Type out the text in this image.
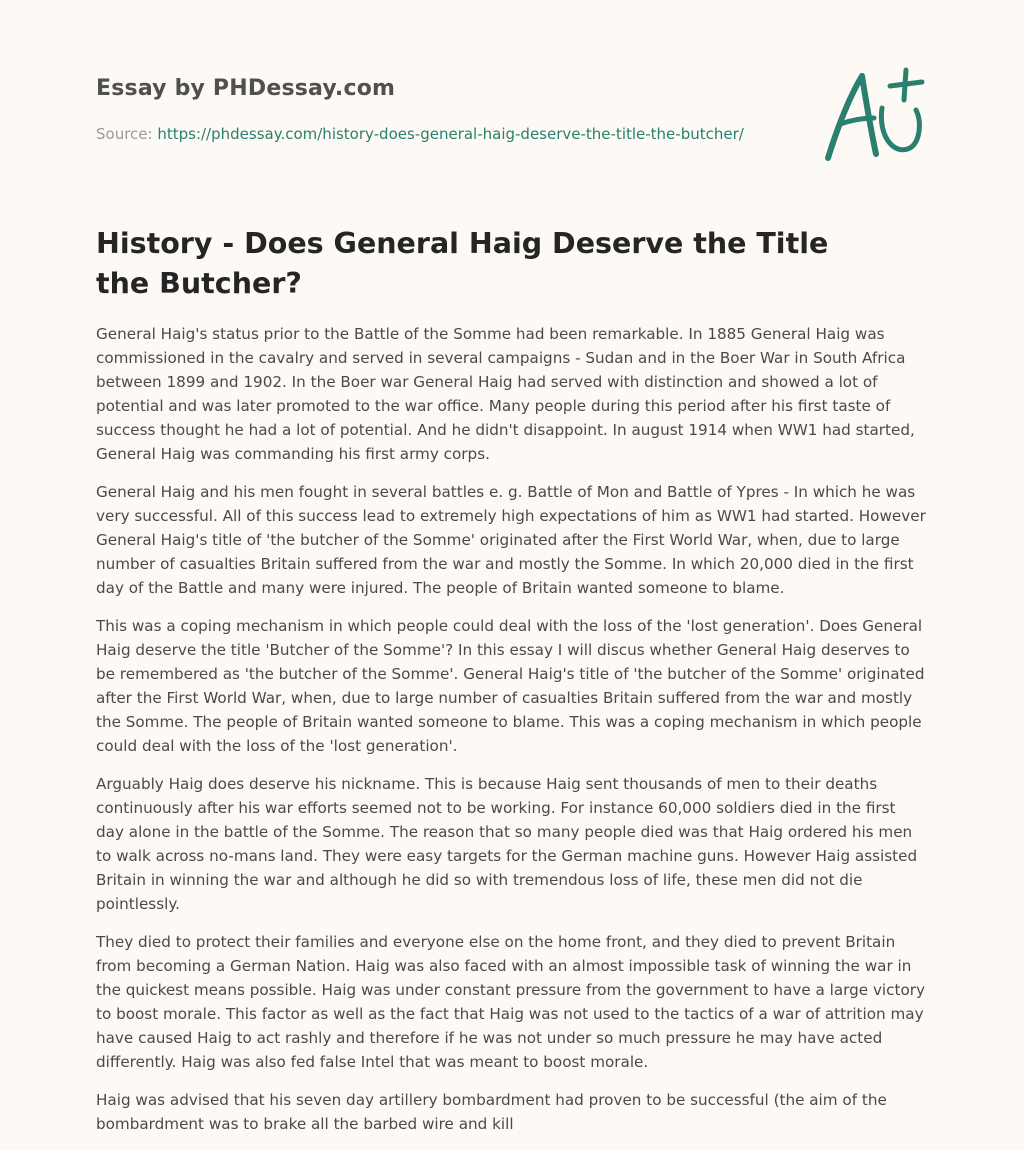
Essay by PHDessay.com
Source: https://phdessay.com/history-does-general-haig-deserve-the-title-the-butcher/
History - Does General Haig Deserve the Title the Butcher?

General Haig's status prior to the Battle of the Somme had been remarkable. In 1885 General Haig was commissioned in the cavalry and served in several campaigns - Sudan and in the Boer War in South Africa between 1899 and 1902. In the Boer war General Haig had served with distinction and showed a lot of potential and was later promoted to the war office. Many people during this period after his first taste of success thought he had a lot of potential. And he didn't disappoint. In august 1914 when WW1 had started, General Haig was commanding his first army corps.

General Haig and his men fought in several battles e. g. Battle of Mon and Battle of Ypres - In which he was very successful. All of this success lead to extremely high expectations of him as WW1 had started. However General Haig's title of 'the butcher of the Somme' originated after the First World War, when, due to large number of casualties Britain suffered from the war and mostly the Somme. In which 20,000 died in the first day of the Battle and many were injured. The people of Britain wanted someone to blame.

This was a coping mechanism in which people could deal with the loss of the 'lost generation'. Does General Haig deserve the title 'Butcher of the Somme'? In this essay I will discus whether General Haig deserves to be remembered as 'the butcher of the Somme'. General Haig's title of 'the butcher of the Somme' originated after the First World War, when, due to large number of casualties Britain suffered from the war and mostly the Somme. The people of Britain wanted someone to blame. This was a coping mechanism in which people could deal with the loss of the 'lost generation'.

Arguably Haig does deserve his nickname. This is because Haig sent thousands of men to their deaths continuously after his war efforts seemed not to be working. For instance 60,000 soldiers died in the first day alone in the battle of the Somme. The reason that so many people died was that Haig ordered his men to walk across no-mans land. They were easy targets for the German machine guns. However Haig assisted Britain in winning the war and although he did so with tremendous loss of life, these men did not die pointlessly.

They died to protect their families and everyone else on the home front, and they died to prevent Britain from becoming a German Nation. Haig was also faced with an almost impossible task of winning the war in the quickest means possible. Haig was under constant pressure from the government to have a large victory to boost morale. This factor as well as the fact that Haig was not used to the tactics of a war of attrition may have caused Haig to act rashly and therefore if he was not under so much pressure he may have acted differently. Haig was also fed false Intel that was meant to boost morale.

Haig was advised that his seven day artillery bombardment had proven to be successful (the aim of the bombardment was to brake all the barbed wire and kill
